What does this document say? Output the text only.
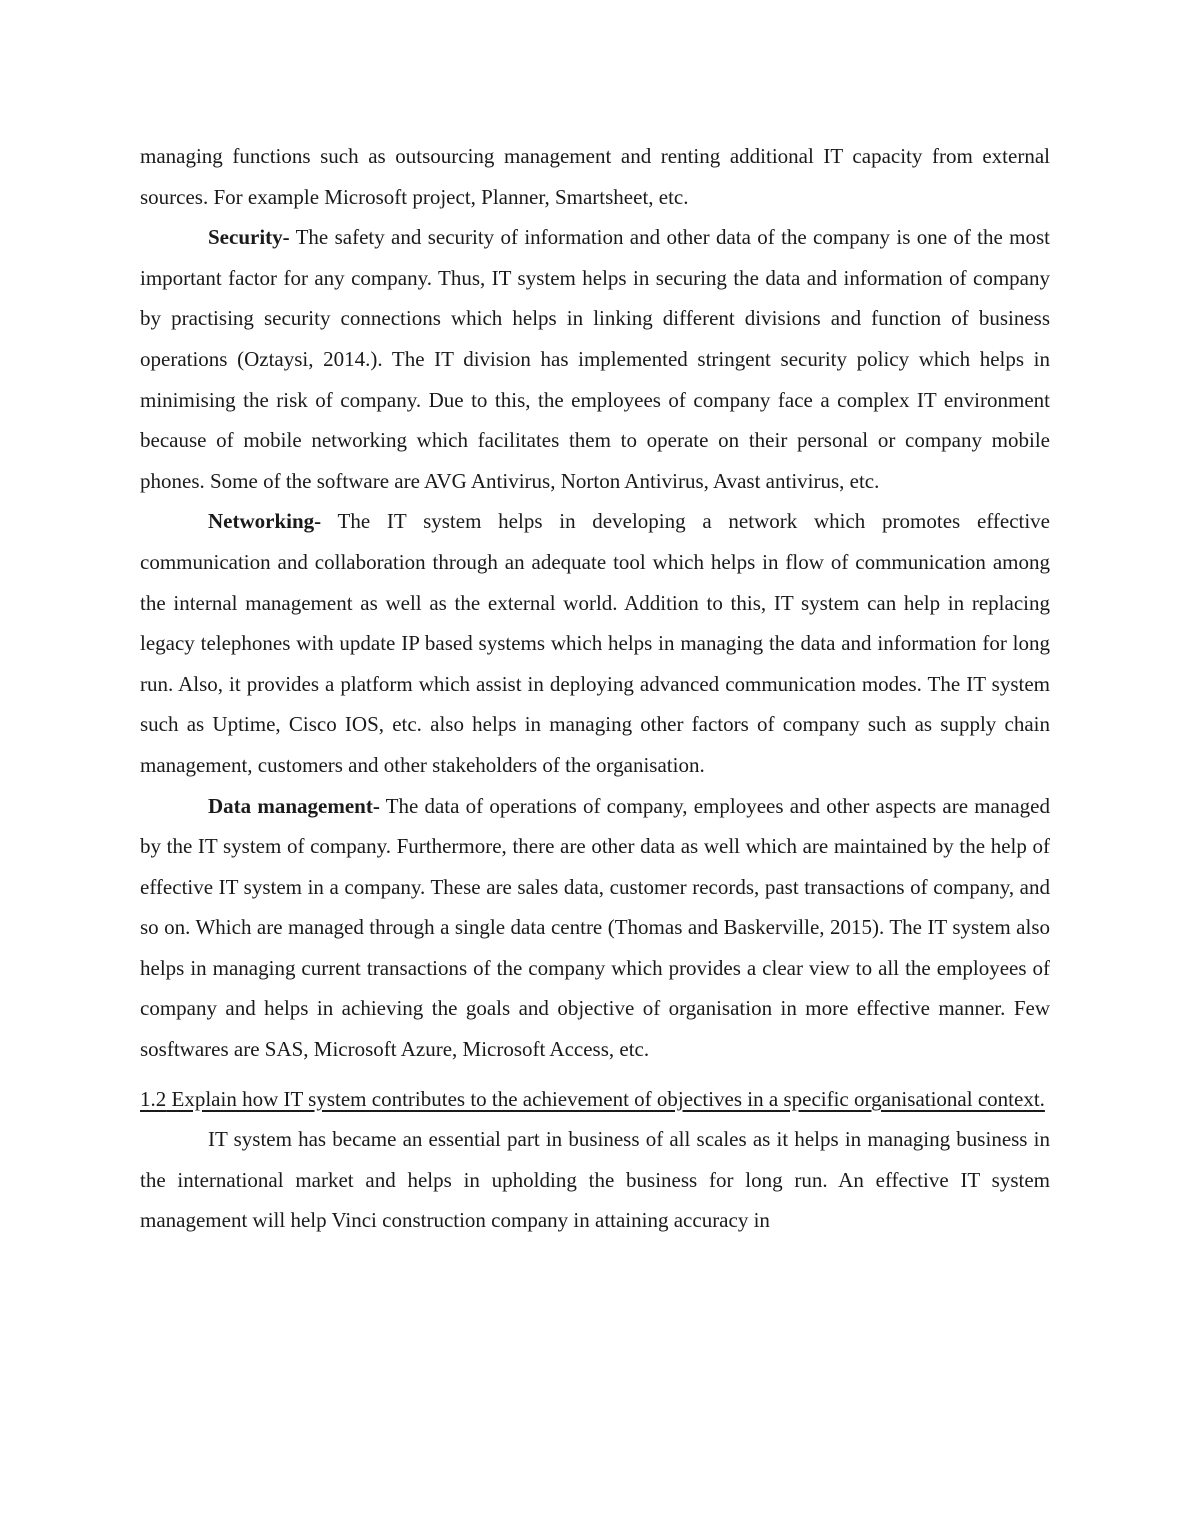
managing functions such as outsourcing management and renting additional IT capacity from external sources. For example Microsoft project, Planner, Smartsheet, etc.

Security- The safety and security of information and other data of the company is one of the most important factor for any company. Thus, IT system helps in securing the data and information of company by practising security connections which helps in linking different divisions and function of business operations (Oztaysi, 2014.). The IT division has implemented stringent security policy which helps in minimising the risk of company. Due to this, the employees of company face a complex IT environment because of mobile networking which facilitates them to operate on their personal or company mobile phones. Some of the software are AVG Antivirus, Norton Antivirus, Avast antivirus, etc.

Networking- The IT system helps in developing a network which promotes effective communication and collaboration through an adequate tool which helps in flow of communication among the internal management as well as the external world. Addition to this, IT system can help in replacing legacy telephones with update IP based systems which helps in managing the data and information for long run. Also, it provides a platform which assist in deploying advanced communication modes. The IT system such as Uptime, Cisco IOS, etc. also helps in managing other factors of company such as supply chain management, customers and other stakeholders of the organisation.

Data management- The data of operations of company, employees and other aspects are managed by the IT system of company. Furthermore, there are other data as well which are maintained by the help of effective IT system in a company. These are sales data, customer records, past transactions of company, and so on. Which are managed through a single data centre (Thomas and Baskerville, 2015). The IT system also helps in managing current transactions of the company which provides a clear view to all the employees of company and helps in achieving the goals and objective of organisation in more effective manner. Few sosftwares are SAS, Microsoft Azure, Microsoft Access, etc.

1.2 Explain how IT system contributes to the achievement of objectives in a specific organisational context.

IT system has became an essential part in business of all scales as it helps in managing business in the international market and helps in upholding the business for long run. An effective IT system management will help Vinci construction company in attaining accuracy in
